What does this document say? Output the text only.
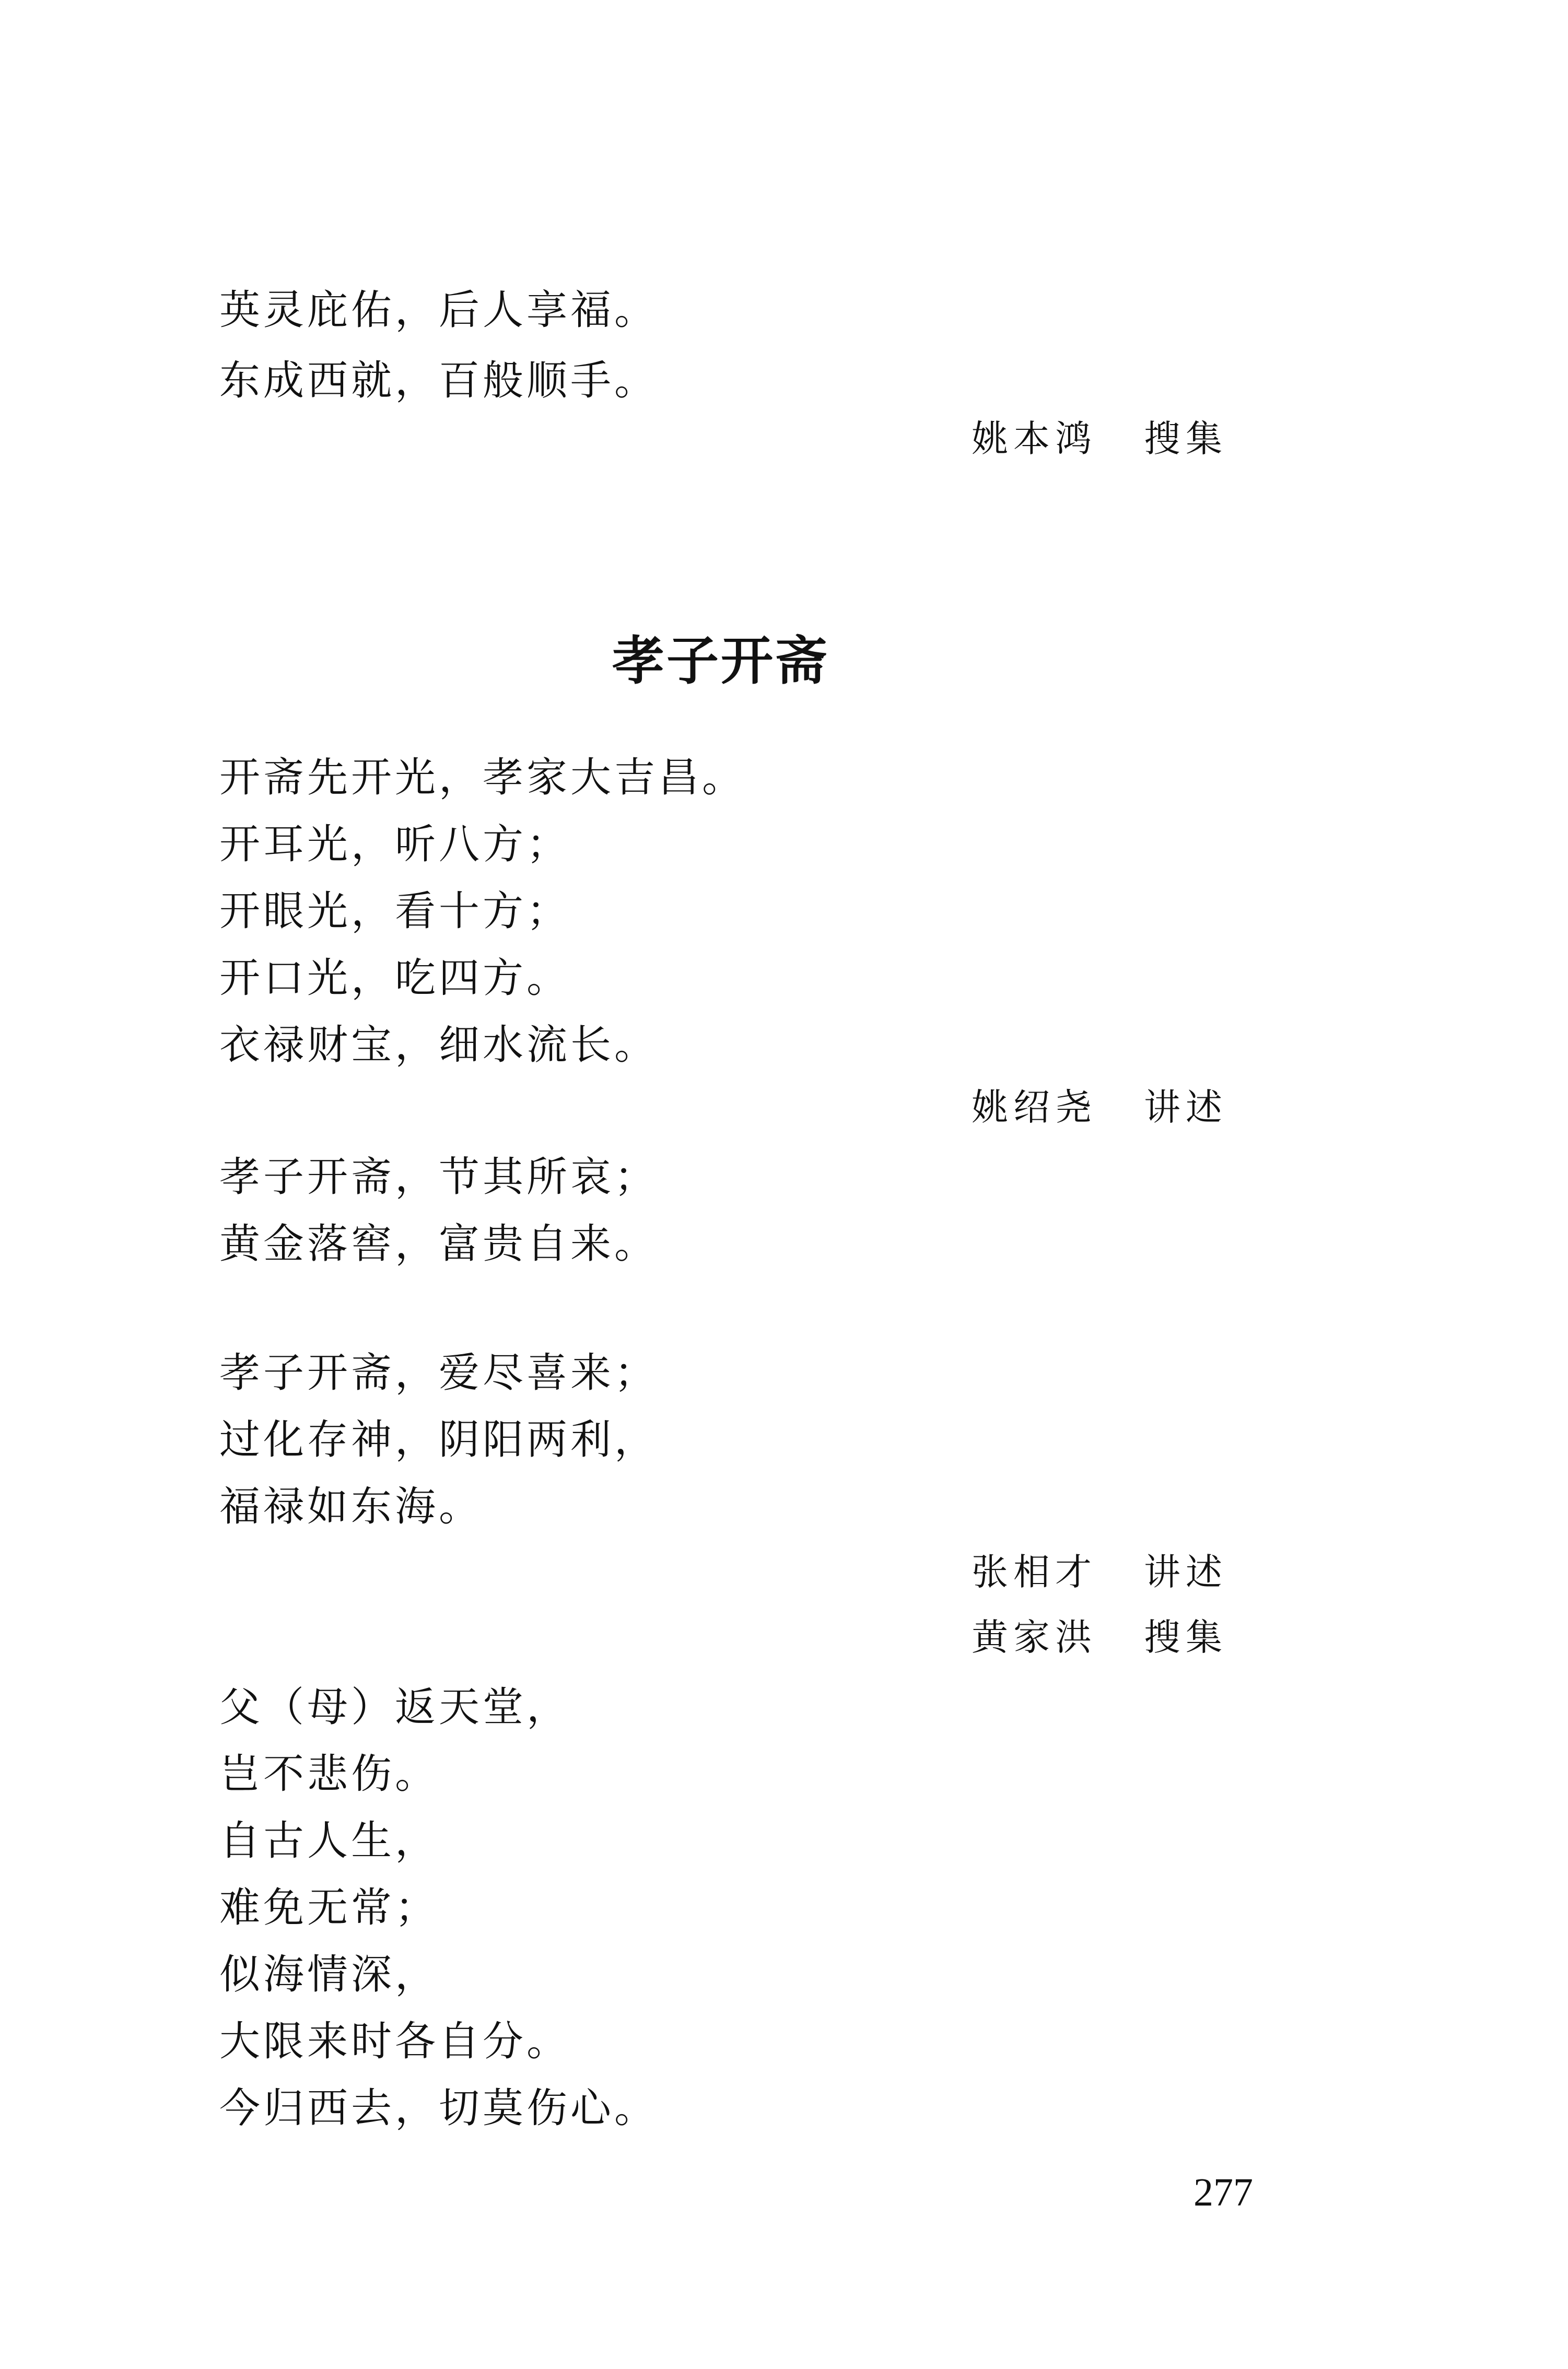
英灵庇佑，后人享福。
东成西就，百般顺手。
姚本鸿 搜集
孝子开斋
开斋先开光，孝家大吉昌。
开耳光，听八方；
开眼光，看十方；
开口光，吃四方。
衣禄财宝，细水流长。
姚绍尧 讲述
孝子开斋，节其所哀；
黄金落窖，富贵自来。
孝子开斋，爱尽喜来；
过化存神，阴阳两利，
福禄如东海。
张相才 讲述
黄家洪 搜集
父（母）返天堂，
岂不悲伤。
自古人生，
难免无常；
似海情深，
大限来时各自分。
今归西去，切莫伤心。
277
